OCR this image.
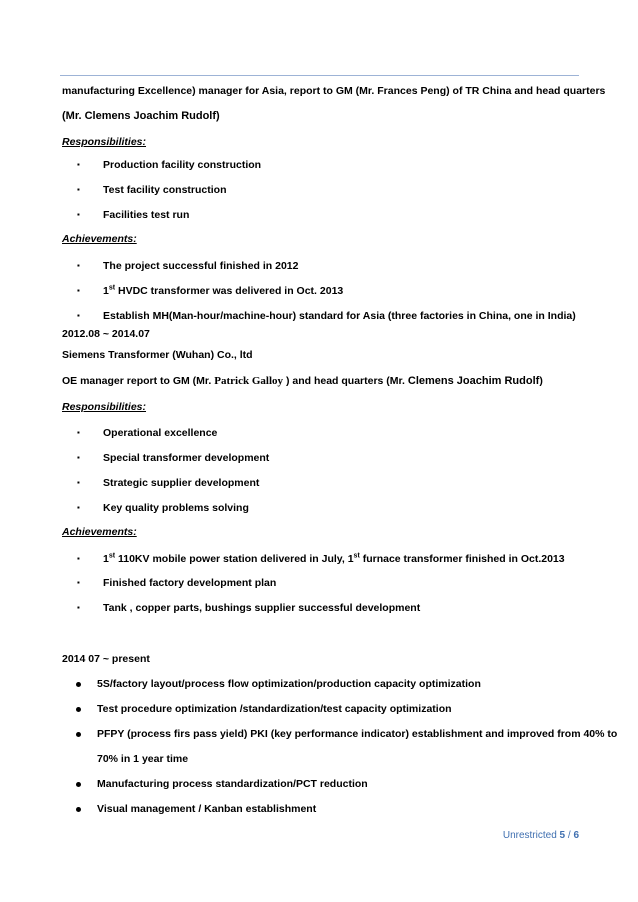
manufacturing Excellence) manager for Asia, report to GM (Mr. Frances Peng) of TR China and head quarters
(Mr. Clemens Joachim Rudolf)
Responsibilities:
▪ Production facility construction
▪ Test facility construction
▪ Facilities test run
Achievements:
▪ The project successful finished in 2012
▪ 1st HVDC transformer was delivered in Oct. 2013
▪ Establish MH(Man-hour/machine-hour) standard for Asia (three factories in China, one in India)
2012.08 ~ 2014.07
Siemens Transformer (Wuhan) Co., ltd
OE manager report to GM (Mr. Patrick Galloy ) and head quarters (Mr. Clemens Joachim Rudolf)
Responsibilities:
▪ Operational excellence
▪ Special transformer development
▪ Strategic supplier development
▪ Key quality problems solving
Achievements:
▪ 1st 110KV mobile power station delivered in July, 1st furnace transformer finished in Oct.2013
▪ Finished factory development plan
▪ Tank , copper parts, bushings supplier successful development
2014 07 ~ present
5S/factory layout/process flow optimization/production capacity optimization
Test procedure optimization /standardization/test capacity optimization
PFPY (process firs pass yield) PKI (key performance indicator) establishment and improved from 40% to
70% in 1 year time
Manufacturing process standardization/PCT reduction
Visual management / Kanban establishment
Unrestricted 5 / 6
